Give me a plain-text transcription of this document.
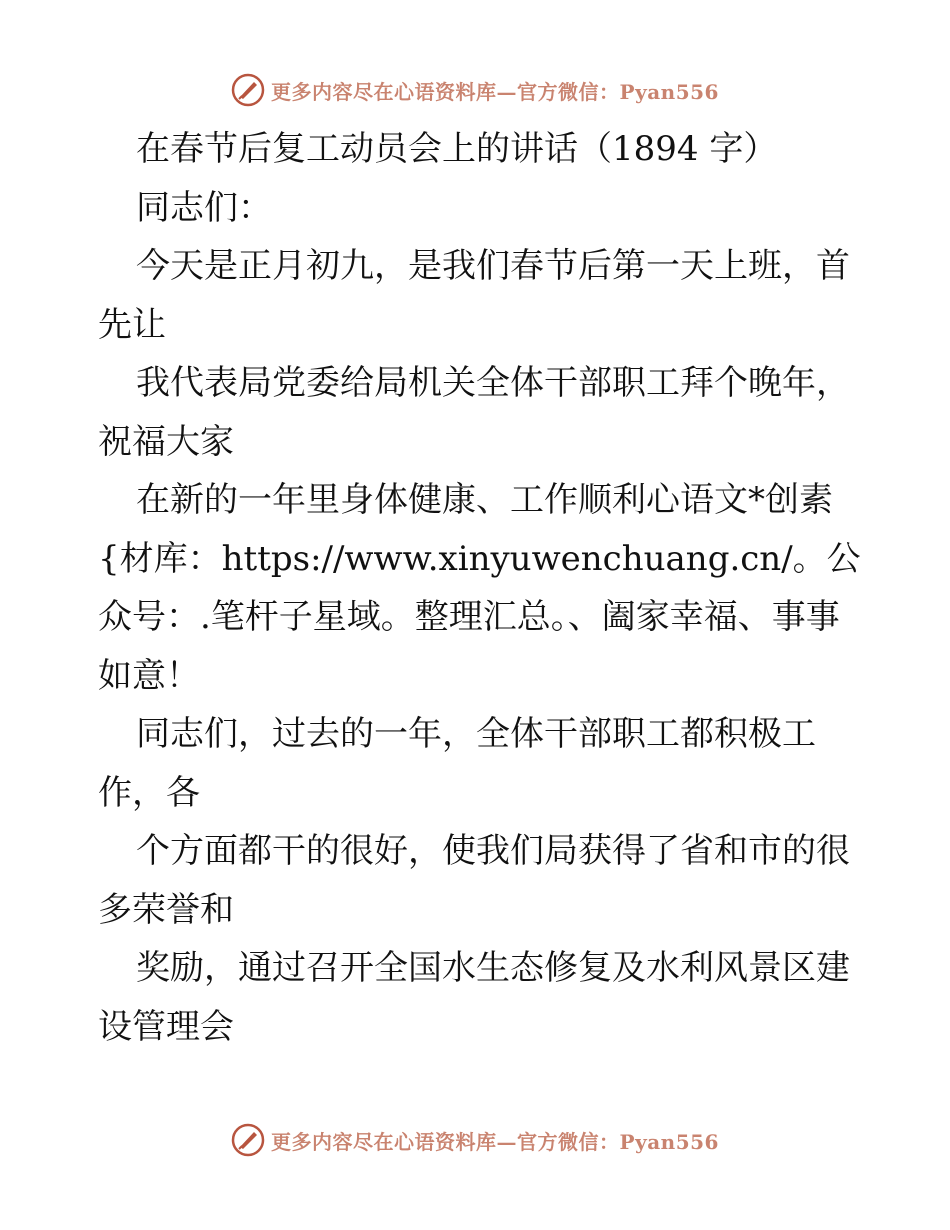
更多内容尽在心语资料库—官方微信：Pyan556

在春节后复工动员会上的讲话（1894 字）

同志们：

今天是正月初九，是我们春节后第一天上班，首先让

我代表局党委给局机关全体干部职工拜个晚年，祝福大家

在新的一年里身体健康、工作顺利心语文*创素{材库：https://www.xinyuwenchuang.cn/。公众号：.笔杆子星域。整理汇总。、阖家幸福、事事如意！

同志们，过去的一年，全体干部职工都积极工作，各

个方面都干的很好，使我们局获得了省和市的很多荣誉和

奖励，通过召开全国水生态修复及水利风景区建设管理会

更多内容尽在心语资料库—官方微信：Pyan556
